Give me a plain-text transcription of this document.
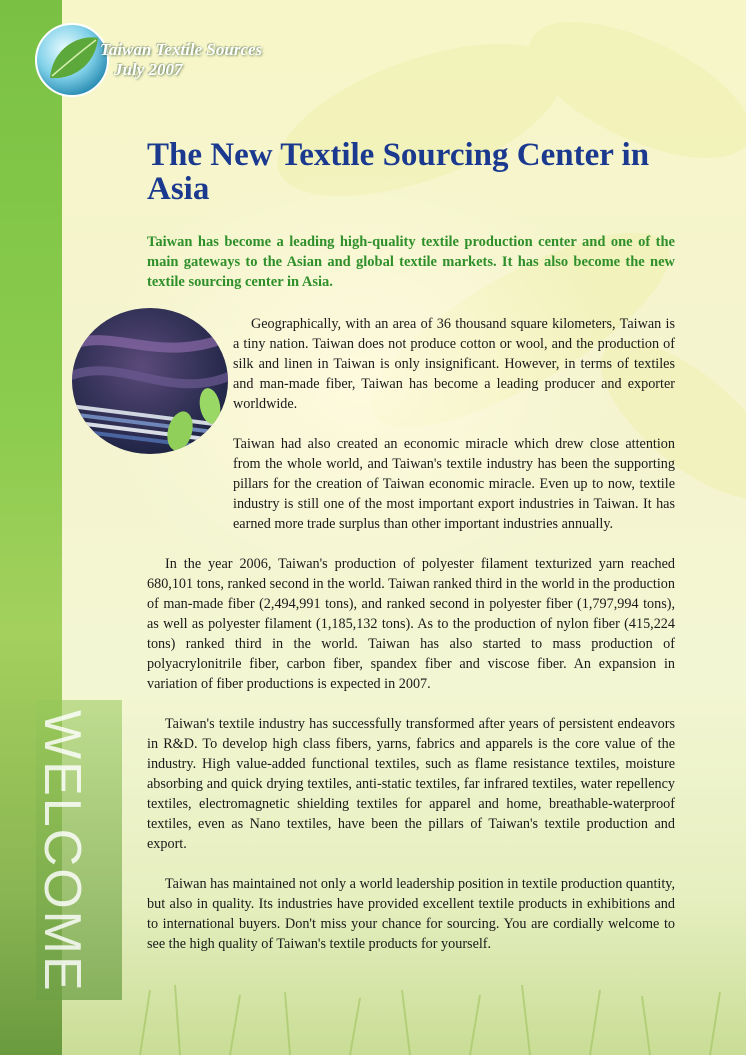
WELCOME
Taiwan Textile Sources
July 2007
The New Textile Sourcing Center in Asia

Taiwan has become a leading high-quality textile production center and one of the main gateways to the Asian and global textile markets. It has also become the new textile sourcing center in Asia.

Geographically, with an area of 36 thousand square kilometers, Taiwan is a tiny nation. Taiwan does not produce cotton or wool, and the production of silk and linen in Taiwan is only insignificant. However, in terms of textiles and man-made fiber, Taiwan has become a leading producer and exporter worldwide.

Taiwan had also created an economic miracle which drew close attention from the whole world, and Taiwan's textile industry has been the supporting pillars for the creation of Taiwan economic miracle. Even up to now, textile industry is still one of the most important export industries in Taiwan. It has earned more trade surplus than other important industries annually.

In the year 2006, Taiwan's production of polyester filament texturized yarn reached 680,101 tons, ranked second in the world. Taiwan ranked third in the world in the production of man-made fiber (2,494,991 tons), and ranked second in polyester fiber (1,797,994 tons), as well as polyester filament (1,185,132 tons). As to the production of nylon fiber (415,224 tons) ranked third in the world. Taiwan has also started to mass production of polyacrylonitrile fiber, carbon fiber, spandex fiber and viscose fiber. An expansion in variation of fiber productions is expected in 2007.

Taiwan's textile industry has successfully transformed after years of persistent endeavors in R&D. To develop high class fibers, yarns, fabrics and apparels is the core value of the industry. High value-added functional textiles, such as flame resistance textiles, moisture absorbing and quick drying textiles, anti-static textiles, far infrared textiles, water repellency textiles, electromagnetic shielding textiles for apparel and home, breathable-waterproof textiles, even as Nano textiles, have been the pillars of Taiwan's textile production and export.

Taiwan has maintained not only a world leadership position in textile production quantity, but also in quality. Its industries have provided excellent textile products in exhibitions and to international buyers. Don't miss your chance for sourcing. You are cordially welcome to see the high quality of Taiwan's textile products for yourself.
